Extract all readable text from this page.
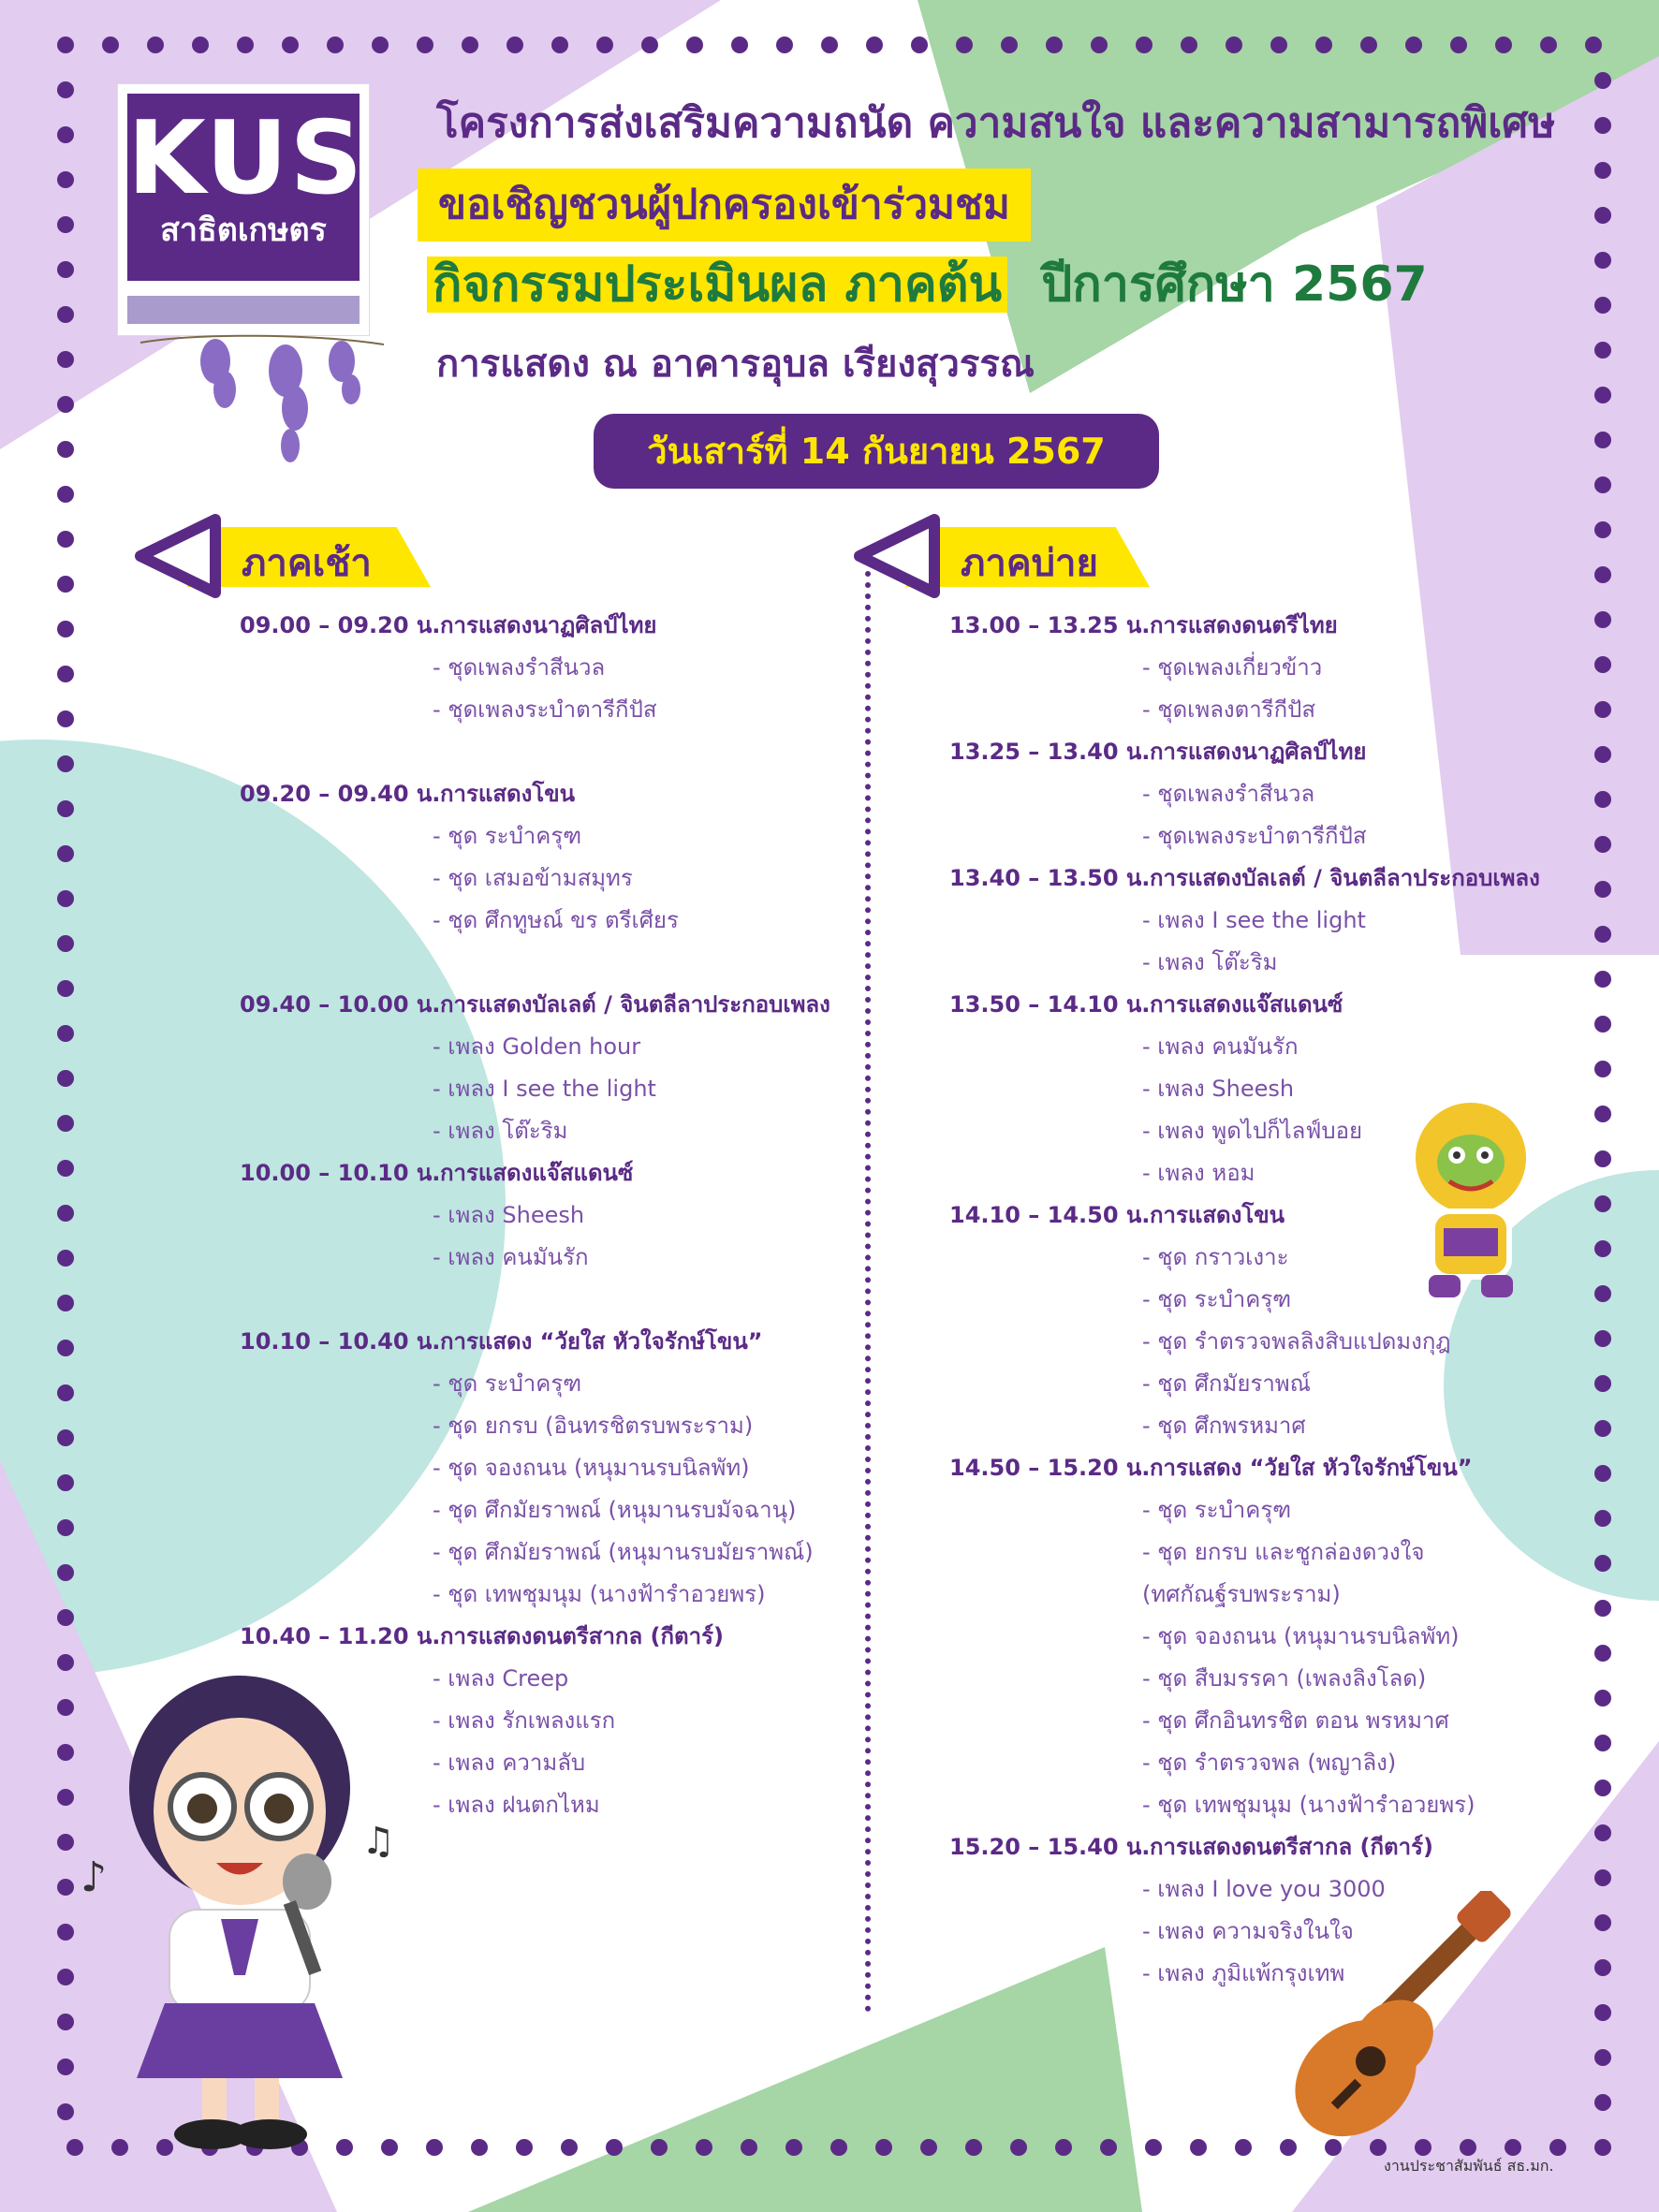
KUS
สาธิตเกษตร
โครงการส่งเสริมความถนัด ความสนใจ และความสามารถพิเศษ
ขอเชิญชวนผู้ปกครองเข้าร่วมชม
กิจกรรมประเมินผล ภาคต้น ปีการศึกษา 2567
การแสดง ณ อาคารอุบล เรียงสุวรรณ
วันเสาร์ที่ 14 กันยายน 2567
ภาคเช้า	ภาคบ่าย
09.00 – 09.20 น. การแสดงนาฏศิลป์ไทย
- ชุดเพลงรำสีนวล
- ชุดเพลงระบำตารีกีปัส
09.20 – 09.40 น. การแสดงโขน
- ชุด ระบำครุฑ
- ชุด เสมอข้ามสมุทร
- ชุด ศึกทูษณ์ ขร ตรีเศียร
09.40 – 10.00 น. การแสดงบัลเลต์ / จินตลีลาประกอบเพลง
- เพลง Golden hour
- เพลง I see the light
- เพลง โต๊ะริม
10.00 – 10.10 น. การแสดงแจ๊สแดนซ์
- เพลง Sheesh
- เพลง คนมันรัก
10.10 – 10.40 น. การแสดง “วัยใส หัวใจรักษ์โขน”
- ชุด ระบำครุฑ
- ชุด ยกรบ (อินทรชิตรบพระราม)
- ชุด จองถนน (หนุมานรบนิลพัท)
- ชุด ศึกมัยราพณ์ (หนุมานรบมัจฉานุ)
- ชุด ศึกมัยราพณ์ (หนุมานรบมัยราพณ์)
- ชุด เทพชุมนุม (นางฟ้ารำอวยพร)
10.40 – 11.20 น. การแสดงดนตรีสากล (กีตาร์)
- เพลง Creep
- เพลง รักเพลงแรก
- เพลง ความลับ
- เพลง ฝนตกไหม
13.00 – 13.25 น. การแสดงดนตรีไทย
- ชุดเพลงเกี่ยวข้าว
- ชุดเพลงตารีกีปัส
13.25 – 13.40 น. การแสดงนาฏศิลป์ไทย
- ชุดเพลงรำสีนวล
- ชุดเพลงระบำตารีกีปัส
13.40 – 13.50 น. การแสดงบัลเลต์ / จินตลีลาประกอบเพลง
- เพลง I see the light
- เพลง โต๊ะริม
13.50 – 14.10 น. การแสดงแจ๊สแดนซ์
- เพลง คนมันรัก
- เพลง Sheesh
- เพลง พูดไปก็ไลฟ์บอย
- เพลง หอม
14.10 – 14.50 น. การแสดงโขน
- ชุด กราวเงาะ
- ชุด ระบำครุฑ
- ชุด รำตรวจพลลิงสิบแปดมงกุฎ
- ชุด ศึกมัยราพณ์
- ชุด ศึกพรหมาศ
14.50 – 15.20 น. การแสดง “วัยใส หัวใจรักษ์โขน”
- ชุด ระบำครุฑ
- ชุด ยกรบ และชูกล่องดวงใจ
(ทศกัณฐ์รบพระราม)
- ชุด จองถนน (หนุมานรบนิลพัท)
- ชุด สืบมรรคา (เพลงลิงโลด)
- ชุด ศึกอินทรชิต ตอน พรหมาศ
- ชุด รำตรวจพล (พญาลิง)
- ชุด เทพชุมนุม (นางฟ้ารำอวยพร)
15.20 – 15.40 น. การแสดงดนตรีสากล (กีตาร์)
- เพลง I love you 3000
- เพลง ความจริงในใจ
- เพลง ภูมิแพ้กรุงเทพ
♪
♫
งานประชาสัมพันธ์ สธ.มก.
